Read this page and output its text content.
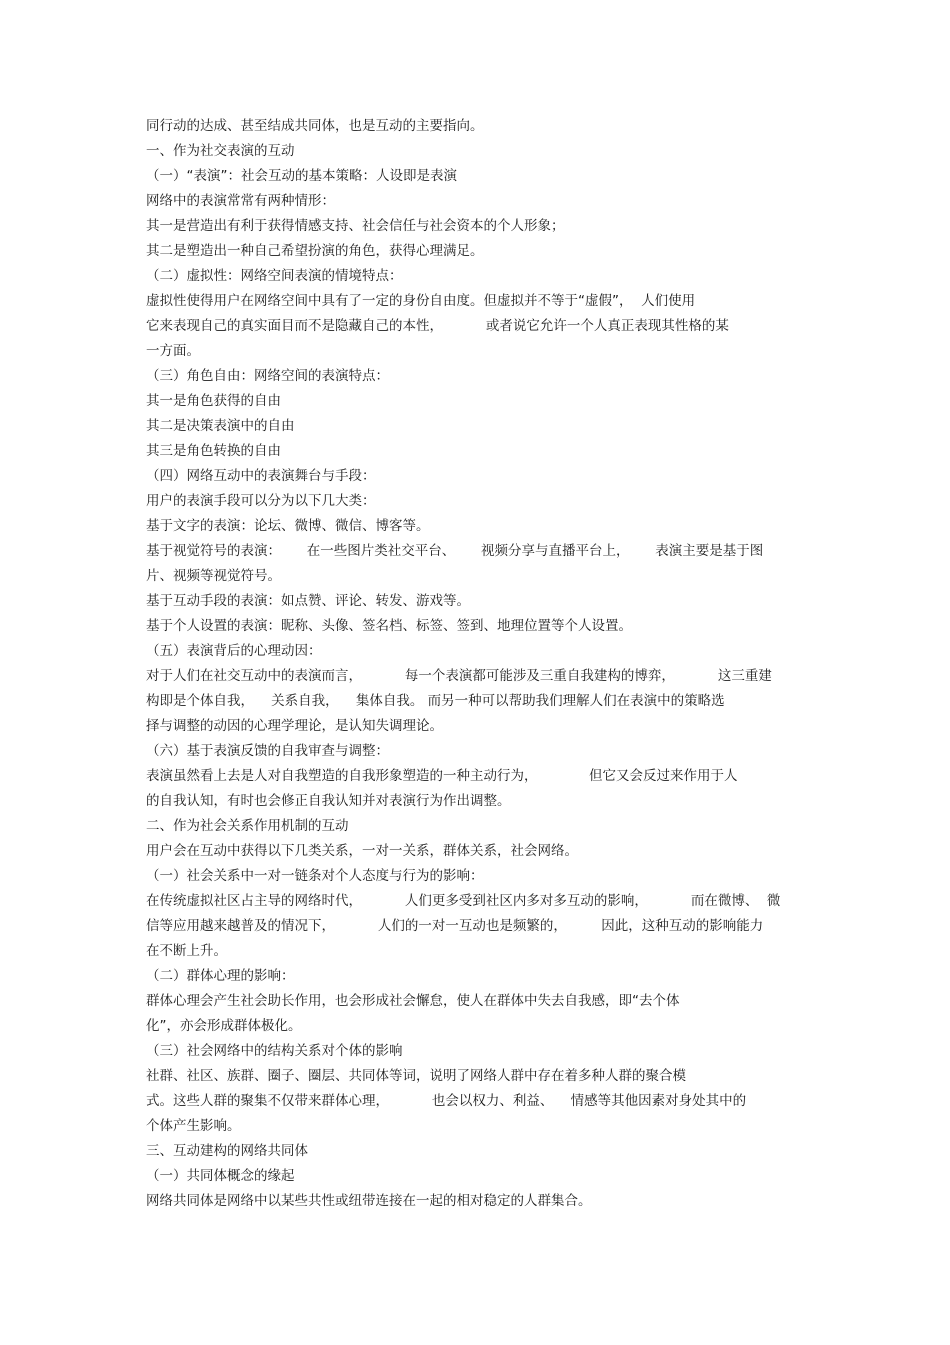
同行动的达成、甚至结成共同体，也是互动的主要指向。
一、作为社交表演的互动
（一）“表演”：社会互动的基本策略：人设即是表演
网络中的表演常常有两种情形：
其一是营造出有利于获得情感支持、社会信任与社会资本的个人形象；
其二是塑造出一种自己希望扮演的角色，获得心理满足。
（二）虚拟性：网络空间表演的情境特点：
虚拟性使得用户在网络空间中具有了一定的身份自由度。但虚拟并不等于“虚假”，  人们使用
它来表现自己的真实面目而不是隐藏自己的本性，          或者说它允许一个人真正表现其性格的某
一方面。
（三）角色自由：网络空间的表演特点：
其一是角色获得的自由
其二是决策表演中的自由
其三是角色转换的自由
（四）网络互动中的表演舞台与手段：
用户的表演手段可以分为以下几大类：
基于文字的表演：论坛、微博、微信、博客等。
基于视觉符号的表演：      在一些图片类社交平台、      视频分享与直播平台上，      表演主要是基于图
片、视频等视觉符号。
基于互动手段的表演：如点赞、评论、转发、游戏等。
基于个人设置的表演：昵称、头像、签名档、标签、签到、地理位置等个人设置。
（五）表演背后的心理动因：
对于人们在社交互动中的表演而言，          每一个表演都可能涉及三重自我建构的博弈，          这三重建
构即是个体自我，    关系自我，    集体自我。 而另一种可以帮助我们理解人们在表演中的策略选
择与调整的动因的心理学理论，是认知失调理论。
（六）基于表演反馈的自我审查与调整：
表演虽然看上去是人对自我塑造的自我形象塑造的一种主动行为，            但它又会反过来作用于人
的自我认知，有时也会修正自我认知并对表演行为作出调整。
二、作为社会关系作用机制的互动
用户会在互动中获得以下几类关系，一对一关系，群体关系，社会网络。
（一）社会关系中一对一链条对个人态度与行为的影响：
在传统虚拟社区占主导的网络时代，          人们更多受到社区内多对多互动的影响，          而在微博、  微
信等应用越来越普及的情况下，          人们的一对一互动也是频繁的，        因此，这种互动的影响能力
在不断上升。
（二）群体心理的影响：
群体心理会产生社会助长作用，也会形成社会懈怠，使人在群体中失去自我感，即“去个体
化”，亦会形成群体极化。
（三）社会网络中的结构关系对个体的影响
社群、社区、族群、圈子、圈层、共同体等词，说明了网络人群中存在着多种人群的聚合模
式。这些人群的聚集不仅带来群体心理，          也会以权力、利益、    情感等其他因素对身处其中的
个体产生影响。
三、互动建构的网络共同体
（一）共同体概念的缘起
网络共同体是网络中以某些共性或纽带连接在一起的相对稳定的人群集合。
